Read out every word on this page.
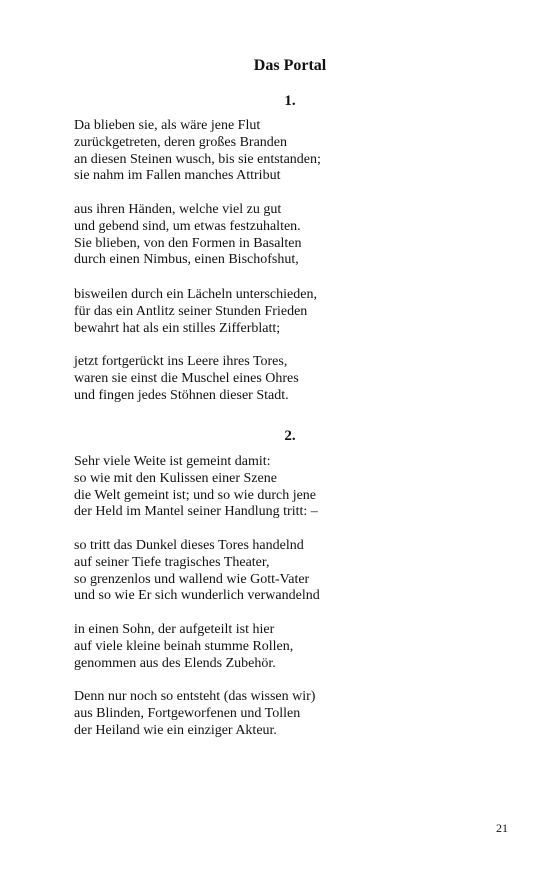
Das Portal
1.
Da blieben sie, als wäre jene Flut
zurückgetreten, deren großes Branden
an diesen Steinen wusch, bis sie entstanden;
sie nahm im Fallen manches Attribut
aus ihren Händen, welche viel zu gut
und gebend sind, um etwas festzuhalten.
Sie blieben, von den Formen in Basalten
durch einen Nimbus, einen Bischofshut,
bisweilen durch ein Lächeln unterschieden,
für das ein Antlitz seiner Stunden Frieden
bewahrt hat als ein stilles Zifferblatt;
jetzt fortgerückt ins Leere ihres Tores,
waren sie einst die Muschel eines Ohres
und fingen jedes Stöhnen dieser Stadt.
2.
Sehr viele Weite ist gemeint damit:
so wie mit den Kulissen einer Szene
die Welt gemeint ist; und so wie durch jene
der Held im Mantel seiner Handlung tritt: –
so tritt das Dunkel dieses Tores handelnd
auf seiner Tiefe tragisches Theater,
so grenzenlos und wallend wie Gott-Vater
und so wie Er sich wunderlich verwandelnd
in einen Sohn, der aufgeteilt ist hier
auf viele kleine beinah stumme Rollen,
genommen aus des Elends Zubehör.
Denn nur noch so entsteht (das wissen wir)
aus Blinden, Fortgeworfenen und Tollen
der Heiland wie ein einziger Akteur.
21
